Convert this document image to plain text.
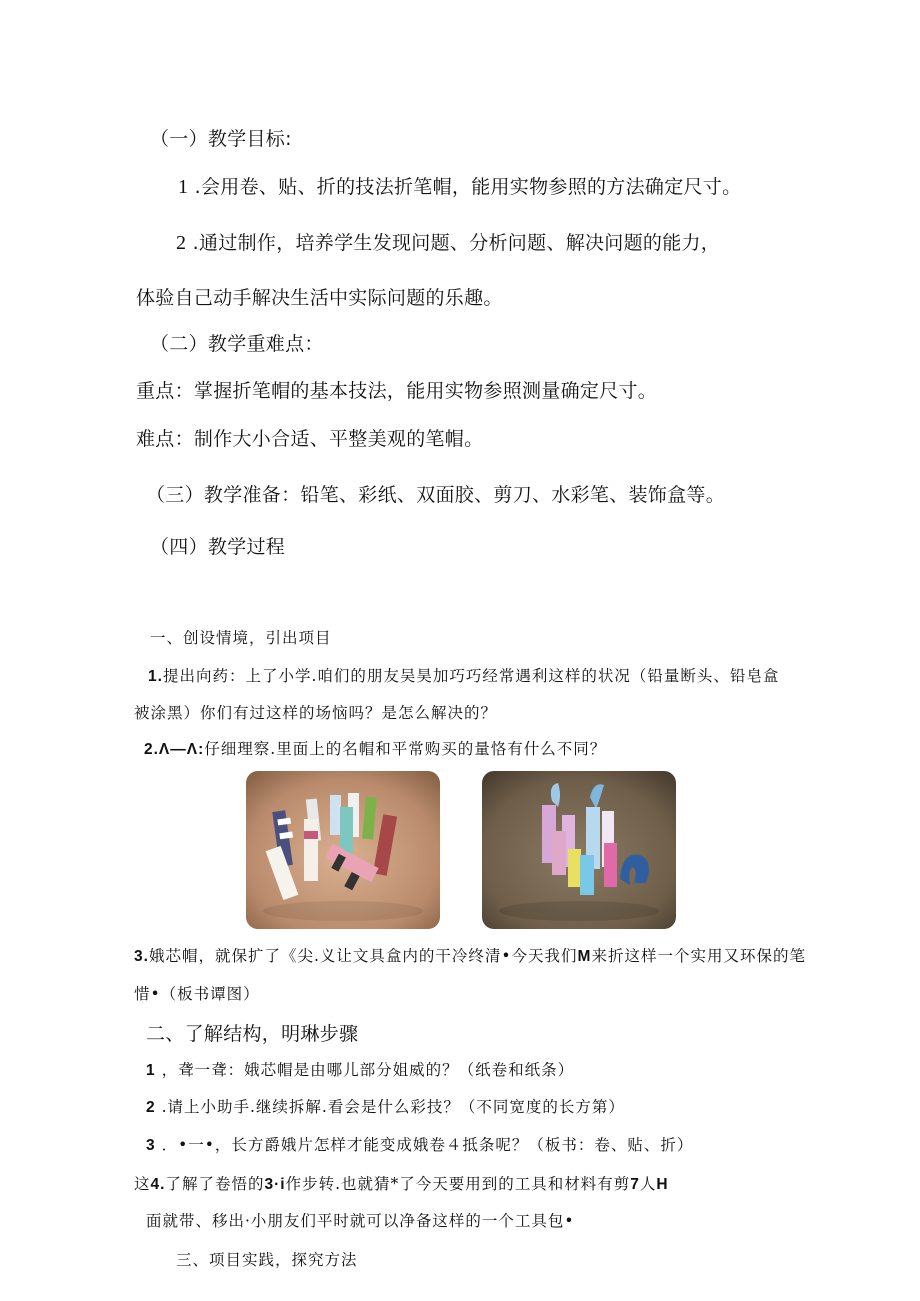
（一）教学目标:
1 .会用卷、贴、折的技法折笔帽，能用实物参照的方法确定尺寸。
2 .通过制作，培养学生发现问题、分析问题、解决问题的能力，
体验自己动手解决生活中实际问题的乐趣。
（二）教学重难点：
重点：掌握折笔帽的基本技法，能用实物参照测量确定尺寸。
难点：制作大小合适、平整美观的笔帽。
（三）教学准备：铅笔、彩纸、双面胶、剪刀、水彩笔、装饰盒等。
（四）教学过程
一、创设情境，引出项目
1.提出向药：上了小学.咱们的朋友吴昊加巧巧经常遇利这样的状况（铅量断头、铅皂盒
被涂黑）你们有过这样的场恼吗？是怎么解决的？
2.Λ—Λ:仔细理察.里面上的名帽和平常购买的量恪有什么不同？
3.娥芯帽，就保扩了《尖.义让文具盒内的干冷终清•今天我们M来折这样一个实用又环保的笔
惜•（板书谭图）
二、了解结构，明琳步骤
1 ，聋一聋：娥芯帽是由哪儿部分姐威的？（纸卷和纸条）
2 .请上小助手.继续拆解.看会是什么彩技？（不同宽度的长方第）
3 ．•一•，长方爵娥片怎样才能变成娥卷４抵条呢？（板书：卷、贴、折）
这4.了解了卷悟的3·i作步转.也就猜*了今天要用到的工具和材料有剪7人H
面就带、移出·小朋友们平时就可以净备这样的一个工具包•
三、项目实践，探究方法
